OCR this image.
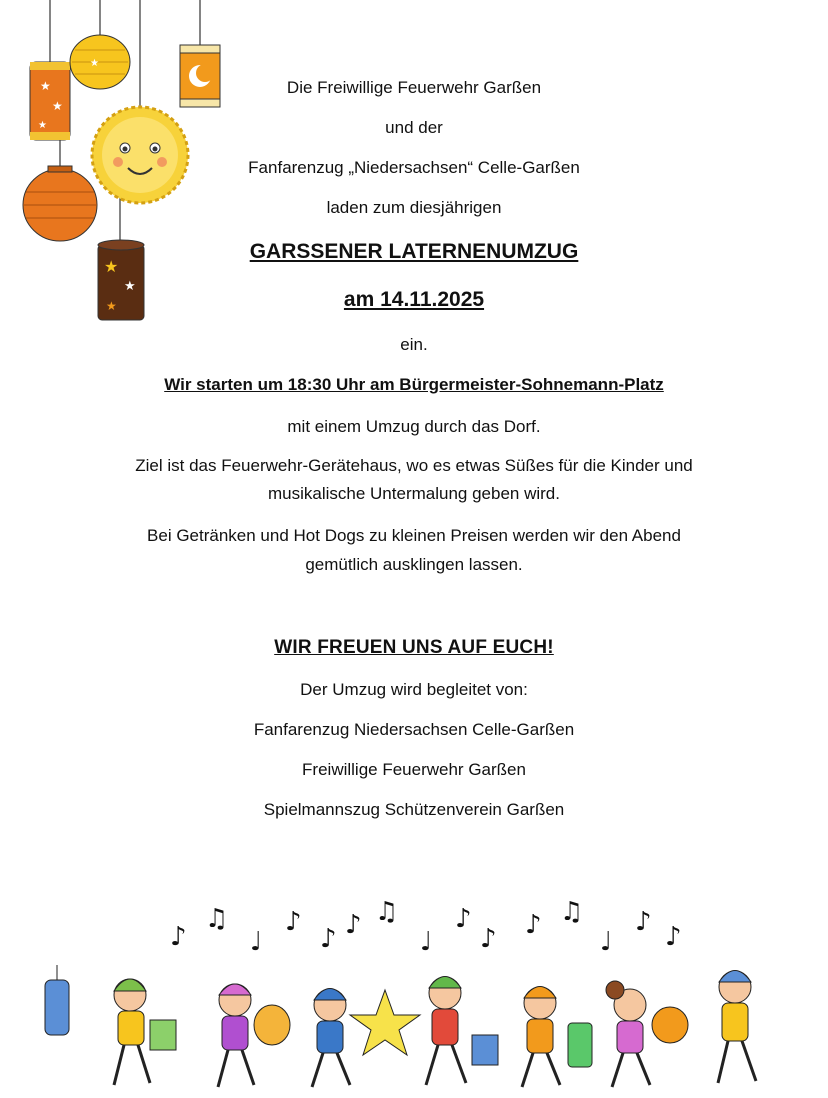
★
★
★
★
★
★
★
Die Freiwillige Feuerwehr Garßen
und der
Fanfarenzug „Niedersachsen“ Celle-Garßen
laden zum diesjährigen
GARSSENER LATERNENUMZUG
am 14.11.2025
ein.
Wir starten um 18:30 Uhr am Bürgermeister-Sohnemann-Platz
mit einem Umzug durch das Dorf.
Ziel ist das Feuerwehr-Gerätehaus, wo es etwas Süßes für die Kinder und
musikalische Untermalung geben wird.
Bei Getränken und Hot Dogs zu kleinen Preisen werden wir den Abend
gemütlich ausklingen lassen.
WIR FREUEN UNS AUF EUCH!
Der Umzug wird begleitet von:
Fanfarenzug Niedersachsen Celle-Garßen
Freiwillige Feuerwehr Garßen
Spielmannszug Schützenverein Garßen
♪
♫
♩
♪
♪ ♪ ♫
♩
♪
♪ ♪ ♫
♩
♪ ♪
